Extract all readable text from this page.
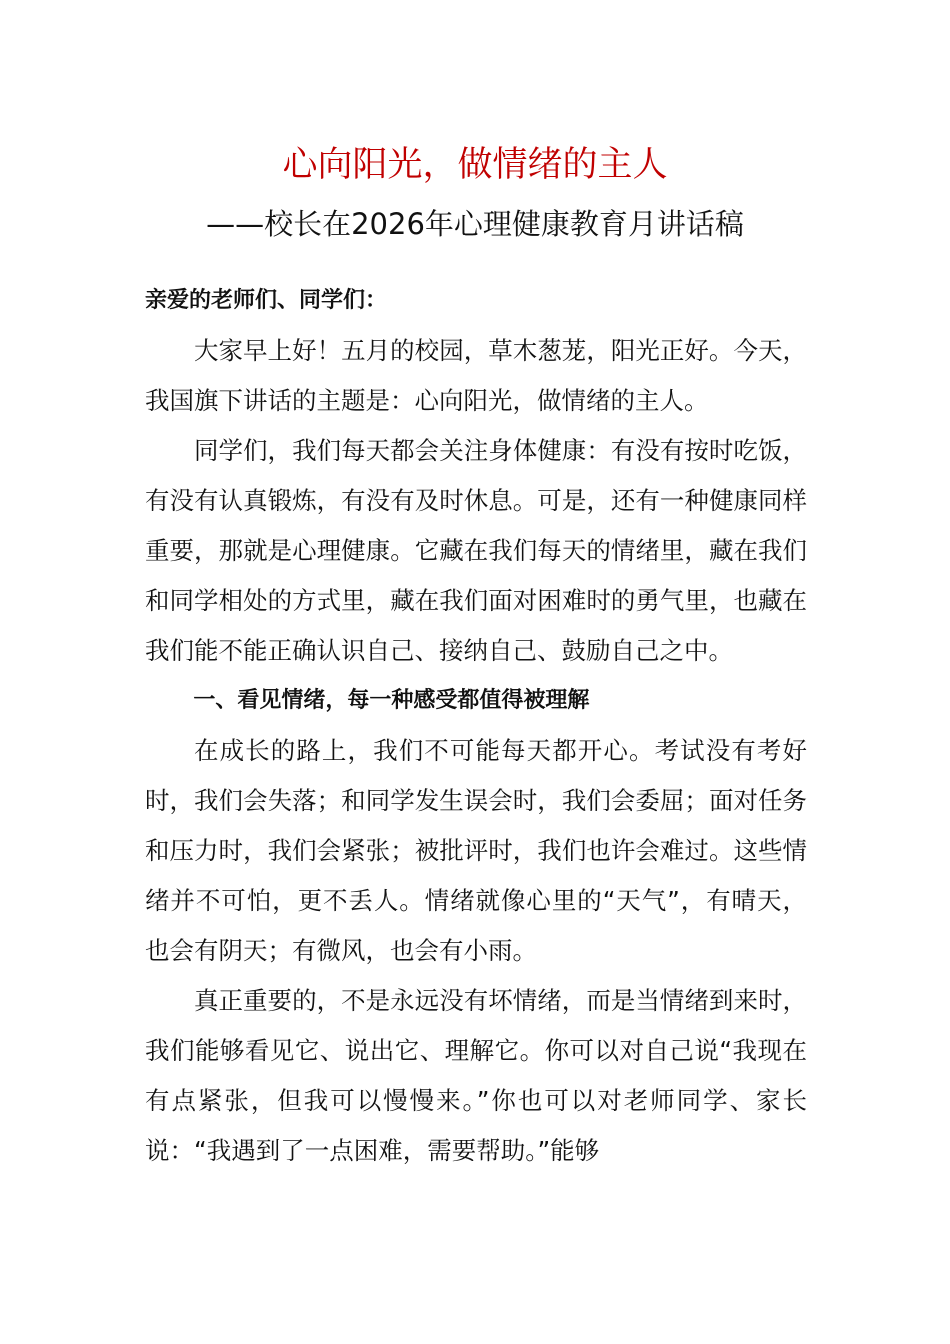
心向阳光，做情绪的主人
——校长在2026年心理健康教育月讲话稿

亲爱的老师们、同学们：

大家早上好！五月的校园，草木葱茏，阳光正好。今天，我国旗下讲话的主题是：心向阳光，做情绪的主人。

同学们，我们每天都会关注身体健康：有没有按时吃饭，有没有认真锻炼，有没有及时休息。可是，还有一种健康同样重要，那就是心理健康。它藏在我们每天的情绪里，藏在我们和同学相处的方式里，藏在我们面对困难时的勇气里，也藏在我们能不能正确认识自己、接纳自己、鼓励自己之中。

一、看见情绪，每一种感受都值得被理解

在成长的路上，我们不可能每天都开心。考试没有考好时，我们会失落；和同学发生误会时，我们会委屈；面对任务和压力时，我们会紧张；被批评时，我们也许会难过。这些情绪并不可怕，更不丢人。情绪就像心里的“天气”，有晴天，也会有阴天；有微风，也会有小雨。

真正重要的，不是永远没有坏情绪，而是当情绪到来时，我们能够看见它、说出它、理解它。你可以对自己说“我现在有点紧张，但我可以慢慢来。”你也可以对老师同学、家长说：“我遇到了一点困难，需要帮助。”能够
